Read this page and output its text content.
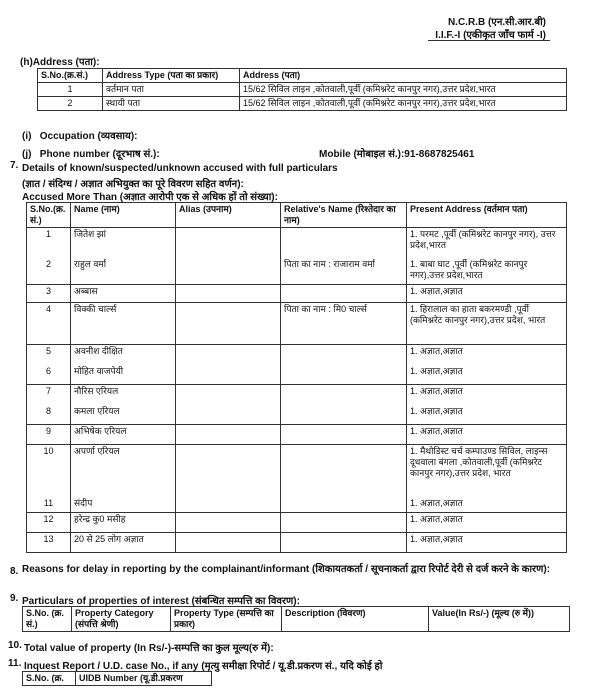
N.C.R.B (एन.सी.आर.बी)
I.I.F.-I (एकीकृत जाँच फार्म -I)
(h)Address (पता):
S.No.(क्र.सं.)	Address Type (पता का प्रकार)	Address (पता)
1	वर्तमान पता	15/62 सिविल लाइन ,कोतवाली,पूर्वी (कमिश्नरेट कानपुर नगर),उत्तर प्रदेश,भारत
2	स्थायी पता	15/62 सिविल लाइन ,कोतवाली,पूर्वी (कमिश्नरेट कानपुर नगर),उत्तर प्रदेश,भारत
(i)   Occupation (व्यवसाय):
(j)   Phone number (दूरभाष सं.):	Mobile (मोबाइल सं.):91-8687825461
7. Details of known/suspected/unknown accused with full particulars
(ज्ञात / संदिग्ध / अज्ञात अभियुक्त का पूरे विवरण सहित वर्णन):
Accused More Than (अज्ञात आरोपी एक से अधिक हों तो संख्या):
S.No.(क्र. सं.)	Name (नाम)	Alias (उपनाम)	Relative's Name (रिश्तेदार का नाम)	Present Address (वर्तमान पता)
1	जितेश झां			1. परमट ,पूर्वी (कमिश्नरेट कानपुर नगर), उत्तर प्रदेश,भारत
2	राहुल वर्मा		पिता का नाम : राजाराम वर्मा	1. बाबा घाट ,पूर्वी (कमिश्नरेट कानपुर नगर),उत्तर प्रदेश,भारत
3	अब्बास			1. अज्ञात,अज्ञात
4	विक्की चार्ल्स		पिता का नाम : मि0 चार्ल्स	1. हिरालाल का हाता बकरमण्डी ,पूर्वी (कमिश्नरेट कानपुर नगर),उत्तर प्रदेश, भारत
5	अवनीश दीक्षित			1. अज्ञात,अज्ञात
6	मोहित वाजपेयी			1. अज्ञात,अज्ञात
7	नौरिस एरियल			1. अज्ञात,अज्ञात
8	कमला एरियल			1. अज्ञात,अज्ञात
9	अभिषेक एरियल			1. अज्ञात,अज्ञात
10	अपर्णा एरियल			1. मैथोडिस्ट चर्च कम्पाउण्ड सिविल, लाइन्स दूधवाला बंगला ,कोतवाली,पूर्वी (कमिश्नरेट कानपुर नगर),उत्तर प्रदेश, भारत
11	संदीप			1. अज्ञात,अज्ञात
12	हरेन्द्र कु0 मसीह			1. अज्ञात,अज्ञात
13	20 से 25 लोग अज्ञात			1. अज्ञात,अज्ञात
8. Reasons for delay in reporting by the complainant/informant (शिकायतकर्ता / सूचनाकर्ता द्वारा रिपोर्ट देरी से दर्ज करने के कारण):
9. Particulars of properties of interest (संबन्धित सम्पत्ति का विवरण):
S.No. (क्र. सं.)	Property Category (संपत्ति श्रेणी)	Property Type (सम्पत्ति का प्रकार)	Description (विवरण)	Value(In Rs/-) (मूल्य (रु में))
10. Total value of property (In Rs/-)-सम्पत्ति का कुल मूल्य(रु में):
11. Inquest Report / U.D. case No., if any (मृत्यु समीक्षा रिपोर्ट / यू.डी.प्रकरण सं., यदि कोई हो
S.No. (क्र.	UIDB Number (यू.डी.प्रकरण
